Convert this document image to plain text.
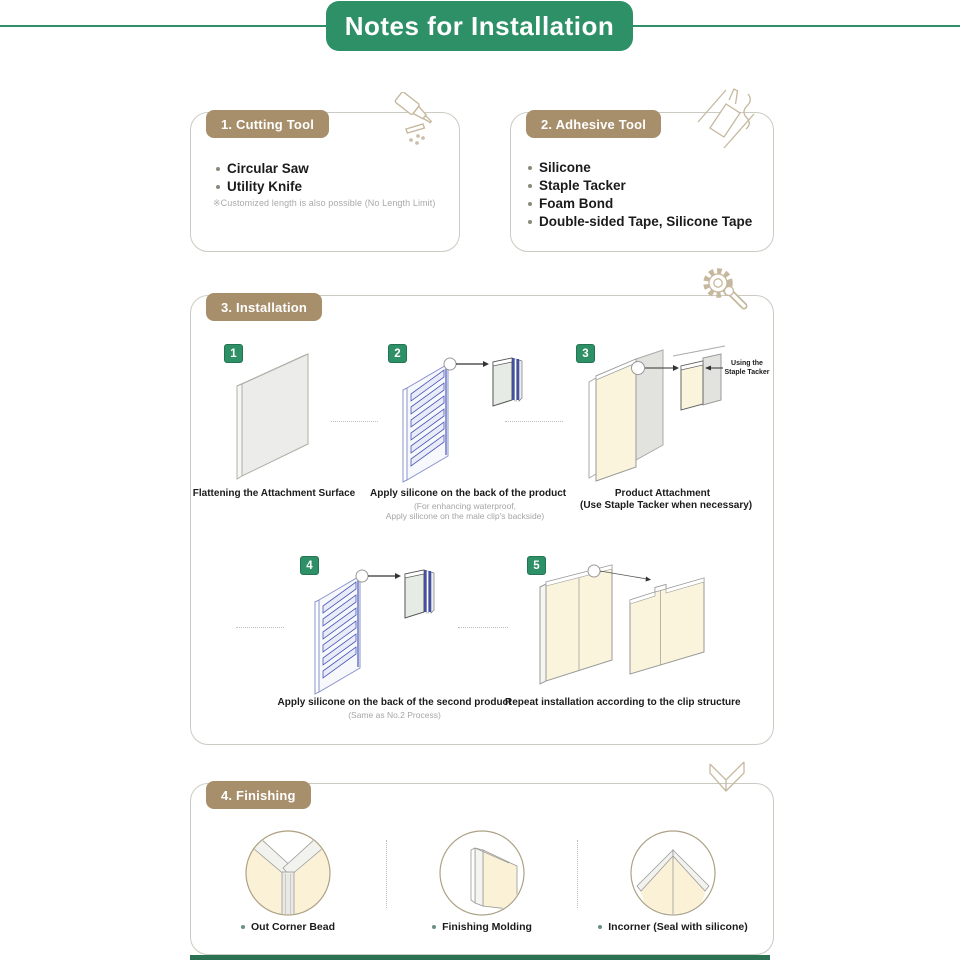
Notes for Installation
1. Cutting Tool
Circular Saw
Utility Knife
※Customized length is also possible (No Length Limit)
2. Adhesive Tool
Silicone
Staple Tacker
Foam Bond
Double-sided Tape, Silicone Tape
3. Installation
1	2	3
Using the
Staple Tacker
Flattening the Attachment Surface	Apply silicone on the back of the product
(For enhancing waterproof,
Apply silicone on the male clip's backside)
Product Attachment
(Use Staple Tacker when necessary)
4	5
Apply silicone on the back of the second product
(Same as No.2 Process)
Repeat installation according to the clip structure
4. Finishing
Out Corner Bead	Finishing Molding	Incorner (Seal with silicone)
